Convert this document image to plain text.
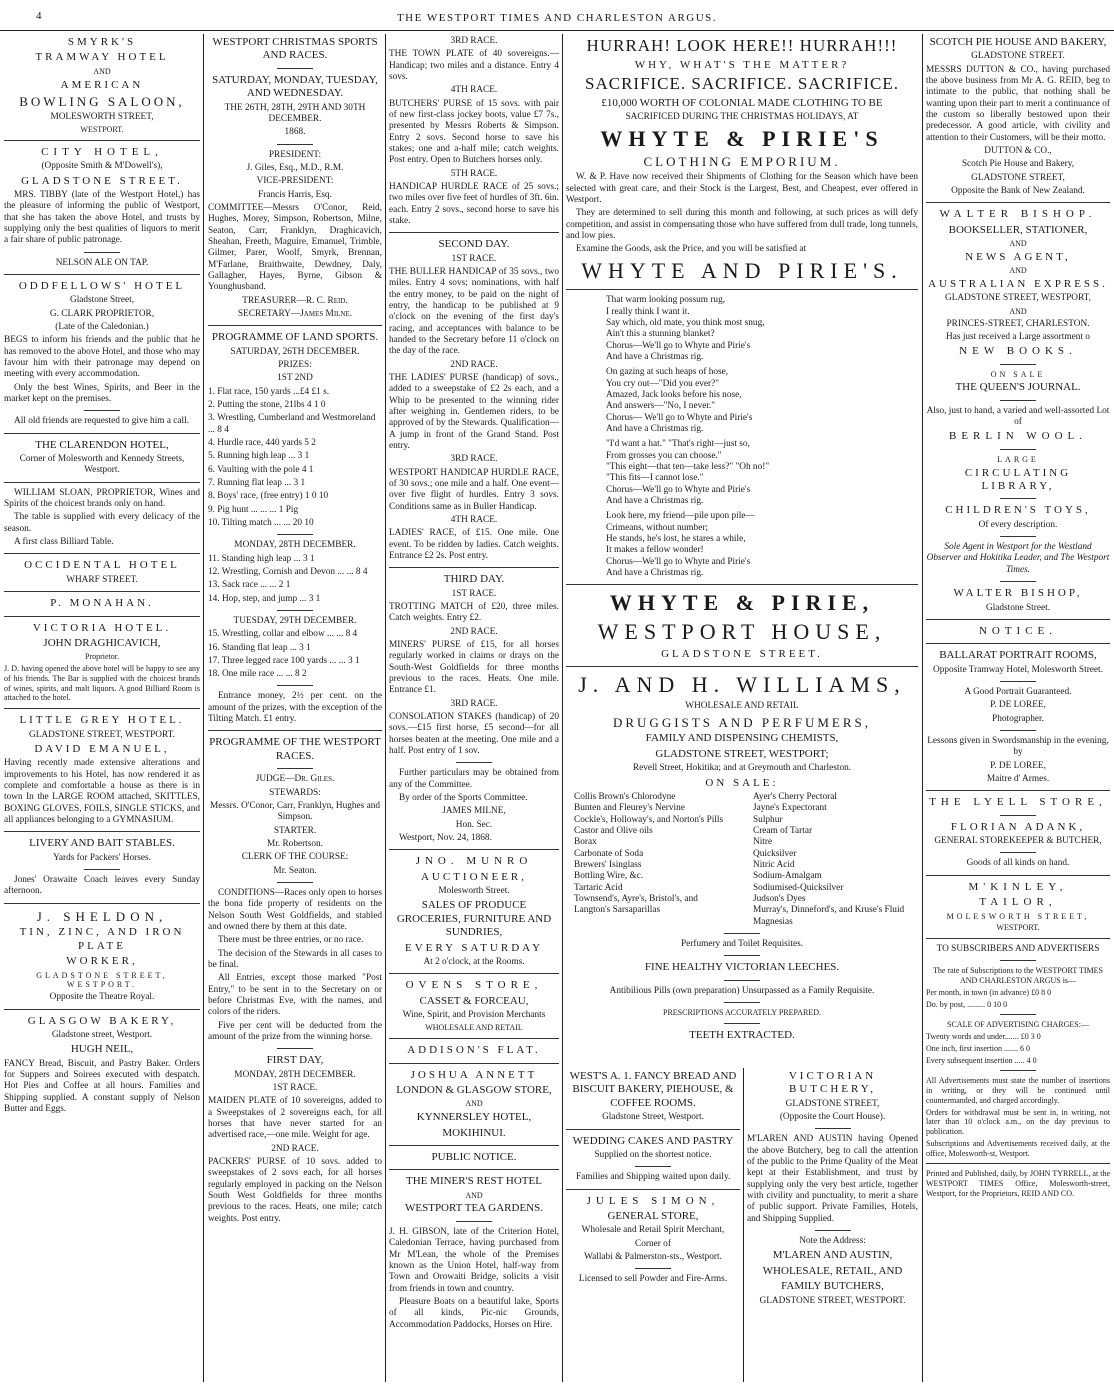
4	THE WESTPORT TIMES AND CHARLESTON ARGUS.

SMYRK'S

TRAMWAY HOTEL

AND

AMERICAN

BOWLING SALOON,

MOLESWORTH STREET,

WESTPORT.

CITY HOTEL,

(Opposite Smith & M'Dowell's),

GLADSTONE STREET.

MRS. TIBBY (late of the Westport Hotel,) has the pleasure of informing the public of Westport, that she has taken the above Hotel, and trusts by supplying only the best qualities of liquors to merit a fair share of public patronage.

NELSON ALE ON TAP.

ODDFELLOWS' HOTEL

Gladstone Street,

G. CLARK PROPRIETOR,

(Late of the Caledonian.)

BEGS to inform his friends and the public that he has removed to the above Hotel, and those who may favour him with their patronage may depend on meeting with every accommodation.

Only the best Wines, Spirits, and Beer in the market kept on the premises.

All old friends are requested to give him a call.

THE CLARENDON HOTEL,

Corner of Molesworth and Kennedy Streets, Westport.

WILLIAM SLOAN, PROPRIETOR, Wines and Spirits of the choicest brands only on hand.

The table is supplied with every delicacy of the season.

A first class Billiard Table.

OCCIDENTAL HOTEL

WHARF STREET.

P. MONAHAN.

VICTORIA HOTEL.

JOHN DRAGHICAVICH,

Proprietor.

J. D. having opened the above hotel will be happy to see any of his friends. The Bar is supplied with the choicest brands of wines, spirits, and malt liquors. A good Billiard Room is attached to the hotel.

LITTLE GREY HOTEL.

GLADSTONE STREET, WESTPORT.

DAVID EMANUEL,

Having recently made extensive alterations and improvements to his Hotel, has now rendered it as complete and comfortable a house as there is in town In the LARGE ROOM attached, SKITTLES, BOXING GLOVES, FOILS, SINGLE STICKS, and all appliances belonging to a GYMNASIUM.

LIVERY AND BAIT STABLES.

Yards for Packers' Horses.

Jones' Orawaite Coach leaves every Sunday afternoon.

J. SHELDON,

TIN, ZINC, AND IRON PLATE

WORKER,

GLADSTONE STREET, WESTPORT.

Opposite the Theatre Royal.

GLASGOW BAKERY,

Gladstone street, Westport.

HUGH NEIL,

FANCY Bread, Biscuit, and Pastry Baker. Orders for Suppers and Soirees executed with despatch. Hot Pies and Coffee at all hours. Families and Shipping supplied. A constant supply of Nelson Butter and Eggs.

WESTPORT CHRISTMAS SPORTS AND RACES.

SATURDAY, MONDAY, TUESDAY, AND WEDNESDAY.

THE 26TH, 28TH, 29TH AND 30TH DECEMBER.

1868.

PRESIDENT:

J. Giles, Esq., M.D., R.M.

VICE-PRESIDENT:

Francis Harris, Esq.

COMMITTEE—Messrs O'Conor, Reid, Hughes, Morey, Simpson, Robertson, Milne, Seaton, Carr, Franklyn, Draghicavich, Sheahan, Freeth, Maguire, Emanuel, Trimble, Gilmer, Parer, Woolf, Smyrk, Brennan, M'Farlane, Braithwaite, Dewdney, Daly, Gallagher, Hayes, Byrne, Gibson & Younghusband.

TREASURER—R. C. Reid.

SECRETARY—James Milne.

PROGRAMME OF LAND SPORTS.

SATURDAY, 26TH DECEMBER.

PRIZES:

1ST 2ND

1. Flat race, 150 yards ...£4 £1 s.

2. Putting the stone, 21lbs 4 1 0

3. Wrestling, Cumberland and Westmoreland ... 8 4

4. Hurdle race, 440 yards 5 2

5. Running high leap ... 3 1

6. Vaulting with the pole 4 1

7. Running flat leap ... 3 1

8. Boys' race, (free entry) 1 0 10

9. Pig hunt ... ... ... 1 Pig

10. Tilting match ... ... 20 10

MONDAY, 28TH DECEMBER.

11. Standing high leap ... 3 1

12. Wrestling, Cornish and Devon ... ... 8 4

13. Sack race ... ... 2 1

14. Hop, step, and jump ... 3 1

TUESDAY, 29TH DECEMBER.

15. Wrestling, collar and elbow ... ... 8 4

16. Standing flat leap ... 3 1

17. Three legged race 100 yards ... ... 3 1

18. One mile race ... ... 8 2

Entrance money, 2½ per cent. on the amount of the prizes, with the exception of the Tilting Match. £1 entry.

PROGRAMME OF THE WESTPORT RACES.

JUDGE—Dr. Giles.

STEWARDS:

Messrs. O'Conor, Carr, Franklyn, Hughes and Simpson.

STARTER.

Mr. Robertson.

CLERK OF THE COURSE:

Mr. Seaton.

CONDITIONS—Races only open to horses the bona fide property of residents on the Nelson South West Goldfields, and stabled and owned there by them at this date.

There must be three entries, or no race.

The decision of the Stewards in all cases to be final.

All Entries, except those marked "Post Entry," to be sent in to the Secretary on or before Christmas Eve, with the names, and colors of the riders.

Five per cent will be deducted from the amount of the prize from the winning horse.

FIRST DAY,

MONDAY, 28TH DECEMBER.

1ST RACE.

MAIDEN PLATE of 10 sovereigns, added to a Sweepstakes of 2 sovereigns each, for all horses that have never started for an advertised race,—one mile. Weight for age.

2ND RACE.

PACKERS' PURSE of 10 sovs. added to sweepstakes of 2 sovs each, for all horses regularly employed in packing on the Nelson South West Goldfields for three months previous to the races. Heats, one mile; catch weights. Post entry.

3RD RACE.

THE TOWN PLATE of 40 sovereigns.—Handicap; two miles and a distance. Entry 4 sovs.

4TH RACE.

BUTCHERS' PURSE of 15 sovs. with pair of new first-class jockey boots, value £7 7s., presented by Messrs Roberts & Simpson. Entry 2 sovs. Second horse to save his stakes; one and a-half mile; catch weights. Post entry. Open to Butchers horses only.

5TH RACE.

HANDICAP HURDLE RACE of 25 sovs.; two miles over five feet of hurdles of 3ft. 6in. each. Entry 2 sovs., second horse to save his stake.

SECOND DAY.

1ST RACE.

THE BULLER HANDICAP of 35 sovs., two miles. Entry 4 sovs; nominations, with half the entry money, to be paid on the night of entry, the handicap to be published at 9 o'clock on the evening of the first day's racing, and acceptances with balance to be handed to the Secretary before 11 o'clock on the day of the race.

2ND RACE.

THE LADIES' PURSE (handicap) of sovs., added to a sweepstake of £2 2s each, and a Whip to be presented to the winning rider after weighing in. Gentlemen riders, to be approved of by the Stewards. Qualification—A jump in front of the Grand Stand. Post entry.

3RD RACE.

WESTPORT HANDICAP HURDLE RACE, of 30 sovs.; one mile and a half. One event—over five flight of hurdles. Entry 3 sovs. Conditions same as in Buller Handicap.

4TH RACE.

LADIES' RACE, of £15. One mile. One event. To be ridden by ladies. Catch weights. Entrance £2 2s. Post entry.

THIRD DAY.

1ST RACE.

TROTTING MATCH of £20, three miles. Catch weights. Entry £2.

2ND RACE.

MINERS' PURSE of £15, for all horses regularly worked in claims or drays on the South-West Goldfields for three months previous to the races. Heats. One mile. Entrance £1.

3RD RACE.

CONSOLATION STAKES (handicap) of 20 sovs.—£15 first horse, £5 second—for all horses beaten at the meeting. One mile and a half. Post entry of 1 sov.

Further particulars may be obtained from any of the Committee.

By order of the Sports Committee.

JAMES MILNE,

Hon. Sec.

Westport, Nov. 24, 1868.

JNO. MUNRO

AUCTIONEER,

Molesworth Street.

SALES OF PRODUCE GROCERIES, FURNITURE AND SUNDRIES,

EVERY SATURDAY

At 2 o'clock, at the Rooms.

OVENS STORE,

CASSET & FORCEAU,

Wine, Spirit, and Provision Merchants

WHOLESALE AND RETAIL

ADDISON'S FLAT.

JOSHUA ANNETT

LONDON & GLASGOW STORE,

AND

KYNNERSLEY HOTEL,

MOKIHINUI.

PUBLIC NOTICE.

THE MINER'S REST HOTEL

AND

WESTPORT TEA GARDENS.

J. H. GIBSON, late of the Criterion Hotel, Caledonian Terrace, having purchased from Mr M'Lean, the whole of the Premises known as the Union Hotel, half-way from Town and Orowaiti Bridge, solicits a visit from friends in town and country.

Pleasure Boats on a beautiful lake, Sports of all kinds, Pic-nic Grounds, Accommodation Paddocks, Horses on Hire.

HURRAH! LOOK HERE!! HURRAH!!!

WHY, WHAT'S THE MATTER?

SACRIFICE. SACRIFICE. SACRIFICE.

£10,000 WORTH OF COLONIAL MADE CLOTHING TO BE

SACRIFICED DURING THE CHRISTMAS HOLIDAYS, AT

WHYTE & PIRIE'S

CLOTHING EMPORIUM.

W. & P. Have now received their Shipments of Clothing for the Season which have been selected with great care, and their Stock is the Largest, Best, and Cheapest, ever offered in Westport.

They are determined to sell during this month and following, at such prices as will defy competition, and assist in compensating those who have suffered from dull trade, long tunnels, and low pies.

Examine the Goods, ask the Price, and you will be satisfied at

WHYTE AND PIRIE'S.

That warm looking possum rug,
I really think I want it.
Say which, old mate, you think most snug,
Ain't this a stunning blanket?
Chorus—We'll go to Whyte and Pirie's
And have a Christmas rig.
On gazing at such heaps of hose,
You cry out—"Did you ever?"
Amazed, Jack looks before his nose,
And answers—"No, I never."
Chorus— We'll go to Whyte and Pirie's
And have a Christmas rig.
"I'd want a hat." "That's right—just so,
From grosses you can choose."
"This eight—that ten—take less?" "Oh no!"
"This fits—I cannot lose."
Chorus—We'll go to Whyte and Pirie's
And have a Christmas rig.
Look here, my friend—pile upon pile—
Crimeans, without number;
He stands, he's lost, he stares a while,
It makes a fellow wonder!
Chorus—We'll go to Whyte and Pirie's
And have a Christmas rig.

WHYTE & PIRIE,

WESTPORT HOUSE,

GLADSTONE STREET.

J. AND H. WILLIAMS,

WHOLESALE AND RETAIL

DRUGGISTS AND PERFUMERS,

FAMILY AND DISPENSING CHEMISTS,

GLADSTONE STREET, WESTPORT;

Revell Street, Hokitika; and at Greymouth and Charleston.

ON SALE:

Collis Brown's Chlorodyne
Bunten and Fleurey's Nervine
Cockle's, Holloway's, and Norton's Pills
Castor and Olive oils
Borax
Carbonate of Soda
Brewers' Isinglass
Bottling Wire, &c.
Tartaric Acid
Townsend's, Ayre's, Bristol's, and Langton's Sarsaparillas
Ayer's Cherry Pectoral
Jayne's Expectorant
Sulphur
Cream of Tartar
Nitre
Quicksilver
Nitric Acid
Sodium-Amalgam
Sodiumised-Quicksilver
Judson's Dyes
Murray's, Dinneford's, and Kruse's Fluid Magnesias

Perfumery and Toilet Requisites.

FINE HEALTHY VICTORIAN LEECHES.

Antibilious Pills (own preparation) Unsurpassed as a Family Requisite.

PRESCRIPTIONS ACCURATELY PREPARED.

TEETH EXTRACTED.

WEST'S A. 1. FANCY BREAD AND BISCUIT BAKERY, PIEHOUSE, & COFFEE ROOMS.

Gladstone Street, Westport.

WEDDING CAKES AND PASTRY

Supplied on the shortest notice.

Families and Shipping waited upon daily.

JULES SIMON,

GENERAL STORE,

Wholesale and Retail Spirit Merchant,

Corner of

Wallabi & Palmerston-sts., Westport.

Licensed to sell Powder and Fire-Arms.

VICTORIAN BUTCHERY,

GLADSTONE STREET,

(Opposite the Court House).

M'LAREN AND AUSTIN having Opened the above Butchery, beg to call the attention of the public to the Prime Quality of the Meat kept at their Establishment, and trust by supplying only the very best article, together with civility and punctuality, to merit a share of public support. Private Families, Hotels, and Shipping Supplied.

Note the Address:

M'LAREN AND AUSTIN,

WHOLESALE, RETAIL, AND

FAMILY BUTCHERS,

GLADSTONE STREET, WESTPORT.

SCOTCH PIE HOUSE AND BAKERY,

GLADSTONE STREET.

MESSRS DUTTON & CO., having purchased the above business from Mr A. G. REID, beg to intimate to the public, that nothing shall be wanting upon their part to merit a continuance of the custom so liberally bestowed upon their predecessor. A good article, with civility and attention to their Customers, will be their motto.

DUTTON & CO.,

Scotch Pie House and Bakery,

GLADSTONE STREET,

Opposite the Bank of New Zealand.

WALTER BISHOP.

BOOKSELLER, STATIONER,

AND

NEWS AGENT,

AND

AUSTRALIAN EXPRESS.

GLADSTONE STREET, WESTPORT,

AND

PRINCES-STREET, CHARLESTON.

Has just received a Large assortment o

NEW BOOKS.

ON SALE

THE QUEEN'S JOURNAL.

Also, just to hand, a varied and well-assorted Lot of

BERLIN WOOL.

LARGE

CIRCULATING LIBRARY,

CHILDREN'S TOYS,

Of every description.

Sole Agent in Westport for the Westland Observer and Hokitika Leader, and The Westport Times.

WALTER BISHOP,

Gladstone Street.

NOTICE.

BALLARAT PORTRAIT ROOMS,

Opposite Tramway Hotel, Molesworth Street.

A Good Portrait Guaranteed.

P. DE LOREE,

Photographer.

Lessons given in Swordsmanship in the evening, by

P. DE LOREE,

Maitre d' Armes.

THE LYELL STORE,

FLORIAN ADANK,

GENERAL STOREKEEPER & BUTCHER,

Goods of all kinds on hand.

M'KINLEY,

TAILOR,

MOLESWORTH STREET,

WESTPORT.

TO SUBSCRIBERS AND ADVERTISERS

The rate of Subscriptions to the WESTPORT TIMES AND CHARLESTON ARGUS is—

Per month, in town (in advance) £0 8 0

Do. by post, ......... 0 10 0

SCALE OF ADVERTISING CHARGES:—

Twenty words and under....... £0 3 0

One inch, first insertion ....... 6 0

Every subsequent insertion ..... 4 0

All Advertisements must state the number of insertions in writing, or they will be continued until countermanded, and charged accordingly.

Orders for withdrawal must be sent in, in writing, not later than 10 o'clock a.m., on the day previous to publication.

Subscriptions and Advertisements received daily, at the office, Molesworth-st, Westport.

Printed and Published, daily, by JOHN TYRRELL, at the WESTPORT TIMES Office, Molesworth-street, Westport, for the Proprietors, REID AND CO.
